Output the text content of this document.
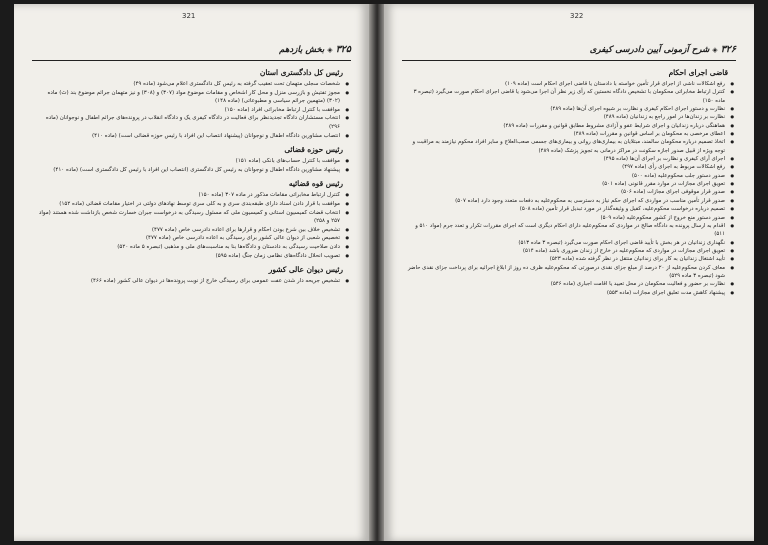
321
۳۲۵◈بخش یازدهم
رئیس کل دادگستری استان
● شخصات سجلی متهمان تحت تعقیب گرفته به رئیس کل دادگستری اعلام می‌شود (ماده ۴۹)
● مجوز تفتیش و بازرسی منزل و محل کار اشخاص و مقامات موضوع مواد (۳۰۷) و (۳۰۸) و نیز متهمان جرائم موضوع بند (ث) ماده (۳۰۲) (متهمین جرائم سیاسی و مطبوعاتی) (ماده ۱۴۸)
● موافقت با کنترل ارتباط مخابراتی افراد (ماده ۱۵۰)
● انتخاب مستشاران دادگاه تجدیدنظر برای فعالیت در دادگاه کیفری یک و دادگاه انقلاب در پرونده‌های جرائم اطفال و نوجوانان (ماده ۲۹۶)
● انتصاب مشاورین دادگاه اطفال و نوجوانان (پیشنهاد انتصاب این افراد با رئیس حوزه قضائی است) (ماده ۴۱۰)
رئیس حوزه قضائی
● موافقت با کنترل حساب‌های بانکی (ماده ۱۵۱)
● پیشنهاد مشاورین دادگاه اطفال و نوجوانان به رئیس کل دادگستری (انتصاب این افراد با رئیس کل دادگستری است) (ماده ۴۱۰)
رئیس قوه قضائیه
● کنترل ارتباط مخابراتی مقامات مذکور در ماده ۳۰۷ (ماده ۱۵۰)
● موافقت با قرار دادن اسناد دارای طبقه‌بندی سری و به کلی سری توسط نهادهای دولتی در اختیار مقامات قضائی (ماده ۱۵۲)
● انتخاب قضات کمیسیون استانی و کمیسیون ملی که مسئول رسیدگی به درخواست جبران خسارت شخص بازداشت شده هستند (مواد ۲۵۷ و ۲۵۸)
● تشخیص خلاف بین شرع بودن احکام و قرارها برای اعاده دادرسی خاص (ماده ۴۷۷)
● تخصیص شعبی از دیوان عالی کشور برای رسیدگی به اعاده دادرسی خاص (ماده ۴۷۷)
● دادن صلاحیت رسیدگی به دادستان و دادگاه‌ها بنا به مناسبت‌های ملی و مذهبی (تبصره ۵ ماده ۵۲۰)
● تصویب انحلال دادگاه‌های نظامی زمان جنگ (ماده ۵۹۵)
رئیس دیوان عالی کشور
● تشخیص جریحه دار شدن عفت عمومی برای رسیدگی خارج از نوبت پرونده‌ها در دیوان عالی کشور (ماده ۴۶۶)
322
۳۲۶◈شرح آزمونی آیین دادرسی کیفری
قاضی اجرای احکام
● رفع اشکالات ناشی از اجرای قرار تأمین خواسته با دادستان یا قاضی اجرای احکام است (ماده ۱۰۹)
● کنترل ارتباط مخابراتی محکومان با تشخیص دادگاه نخستین که رأی زیر نظر آن اجرا می‌شود یا قاضی اجرای احکام صورت می‌گیرد (تبصره ۳ ماده ۱۵۰)
● نظارت و دستور اجرای احکام کیفری و نظارت بر شیوه اجرای آن‌ها (ماده ۴۸۹)
● نظارت بر زندان‌ها در امور راجع به زندانیان (ماده ۴۸۹)
● هماهنگی درباره زندانیان و اجرای شرایط عفو و آزادی مشروط مطابق قوانین و مقررات (ماده ۴۸۹)
● اعطای مرخصی به محکومان بر اساس قوانین و مقررات (ماده ۴۸۹)
● اتخاذ تصمیم درباره محکومان سالمند، مبتلایان به بیماری‌های روانی و بیماری‌های جسمی صعب‌العلاج و سایر افراد محکوم نیازمند به مراقبت و توجه ویژه از قبیل صدور اجازه سکونت در مراکز درمانی به تجویز پزشک (ماده ۴۸۹)
● اجرای آرای کیفری و نظارت بر اجرای آن‌ها (ماده ۴۹۵)
● رفع اشکالات مربوط به اجرای رأی (ماده ۴۹۷)
● صدور دستور جلب محکوم‌علیه (ماده ۵۰۰)
● تعویق اجرای مجازات در موارد مقرر قانونی (ماده ۵۰۱)
● صدور قرار موقوفی اجرای مجازات (ماده ۵۰۶)
● صدور قرار تأمین مناسب در مواردی که اجرای حکم نیاز به دسترسی به محکوم‌علیه به دفعات متعدد وجود دارد (ماده ۵۰۷)
● تصمیم درباره درخواست محکوم‌علیه، کفیل و وثیقه‌گذار در مورد تبدیل قرار تأمین (ماده ۵۰۸)
● صدور دستور منع خروج از کشور محکوم‌علیه (ماده ۵۰۹)
● اقدام به ارسال پرونده به دادگاه صالح در مواردی که محکوم‌علیه دارای احکام دیگری است که اجرای مقررات تکرار و تعدد جرم (مواد ۵۱۰ و ۵۱۱)
● نگهداری زندانیان در هر بخش با تأیید قاضی اجرای احکام صورت می‌گیرد (تبصره ۳ ماده ۵۱۳)
● تعویق اجرای مجازات در مواردی که محکوم‌علیه در خارج از زندان ضروری باشد (ماده ۵۱۴)
● تأیید اشتغال زندانیان به کار برای زندانیان منتقل در نظر گرفته شده (ماده ۵۲۳)
● معاف کردن محکوم‌علیه از ۲۰ درصد از مبلغ جزای نقدی درصورتی که محکوم‌علیه ظرف ده روز از ابلاغ اجرائیه برای پرداخت جزای نقدی حاضر شود (تبصره ۳ ماده ۵۲۹)
● نظارت بر حضور و فعالیت محکومان در محل تعیید یا اقامت اجباری (ماده ۵۴۶)
● پیشنهاد کاهش مدت تعلیق اجرای مجازات (ماده ۵۵۳)
